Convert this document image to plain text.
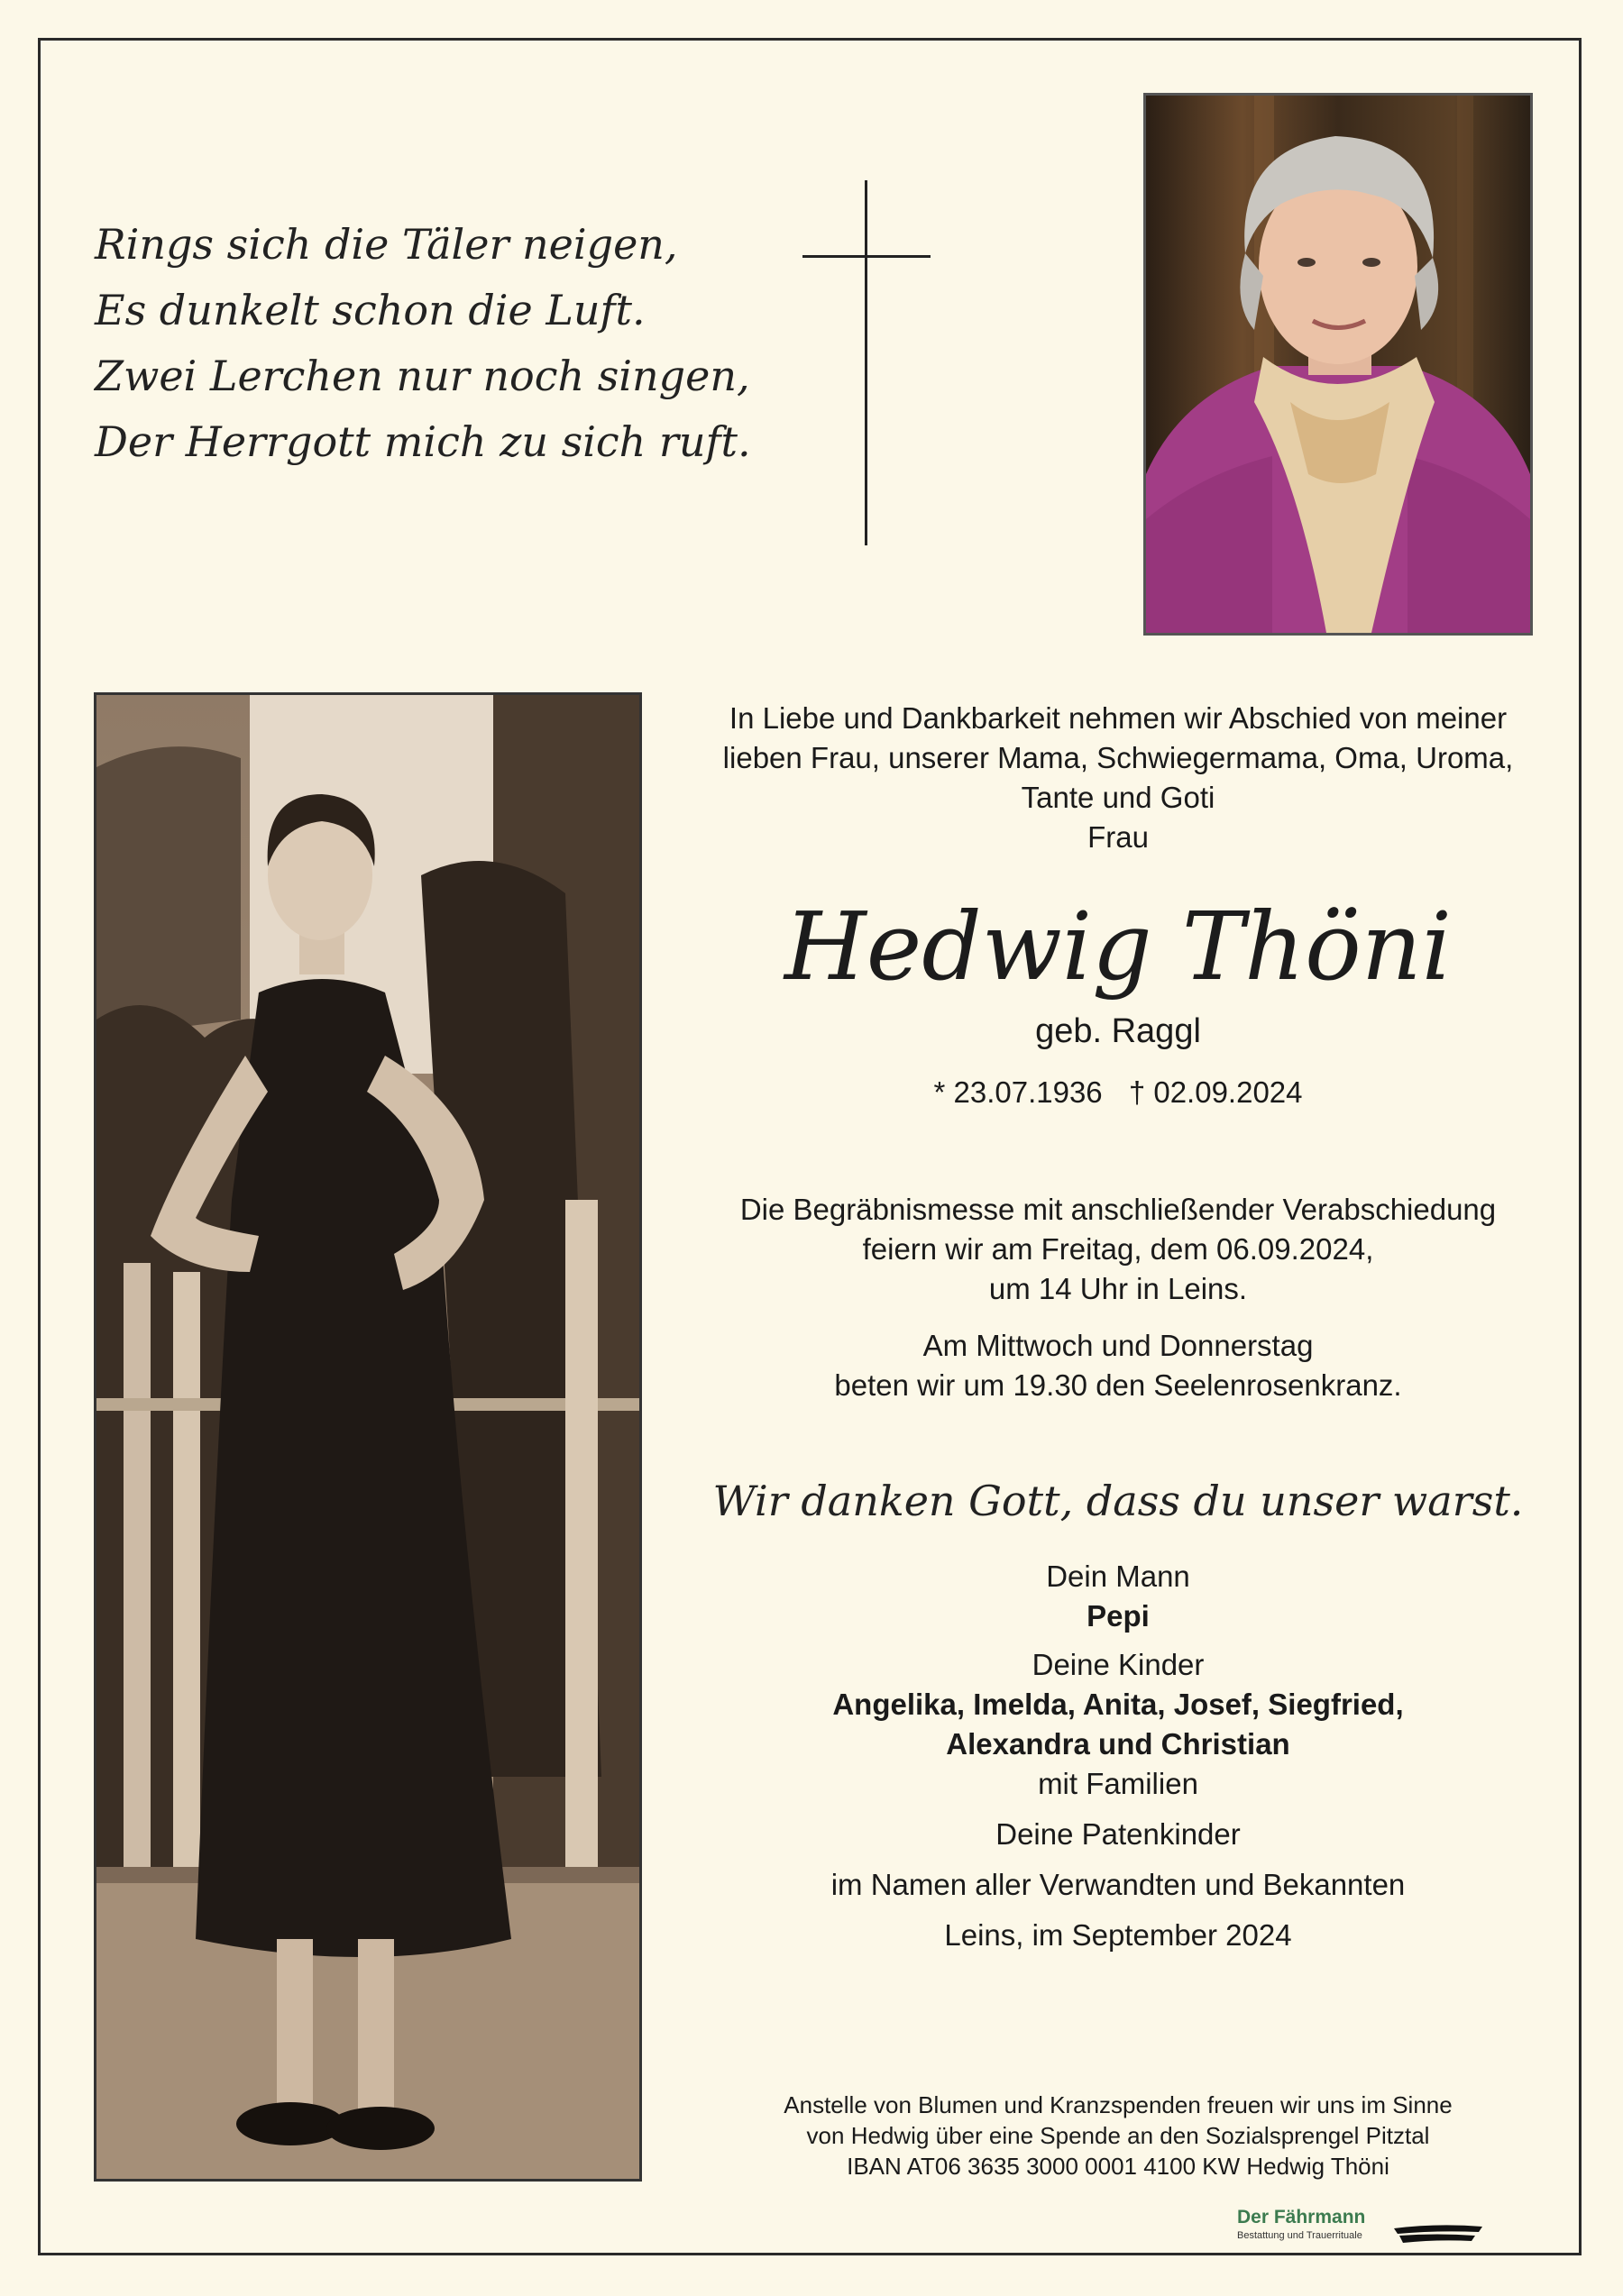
Rings sich die Täler neigen,
Es dunkelt schon die Luft.
Zwei Lerchen nur noch singen,
Der Herrgott mich zu sich ruft.
In Liebe und Dankbarkeit nehmen wir Abschied von meiner
lieben Frau, unserer Mama, Schwiegermama, Oma, Uroma,
Tante und Goti
Frau
Hedwig Thöni
geb. Raggl
* 23.07.1936 † 02.09.2024
Die Begräbnismesse mit anschließender Verabschiedung
feiern wir am Freitag, dem 06.09.2024,
um 14 Uhr in Leins.
Am Mittwoch und Donnerstag
beten wir um 19.30 den Seelenrosenkranz.
Wir danken Gott, dass du unser warst.
Dein Mann
Pepi
Deine Kinder
Angelika, Imelda, Anita, Josef, Siegfried,
Alexandra und Christian
mit Familien
Deine Patenkinder
im Namen aller Verwandten und Bekannten
Leins, im September 2024
Anstelle von Blumen und Kranzspenden freuen wir uns im Sinne
von Hedwig über eine Spende an den Sozialsprengel Pitztal
IBAN AT06 3635 3000 0001 4100 KW Hedwig Thöni
Der Fährmann
Bestattung und Trauerrituale
